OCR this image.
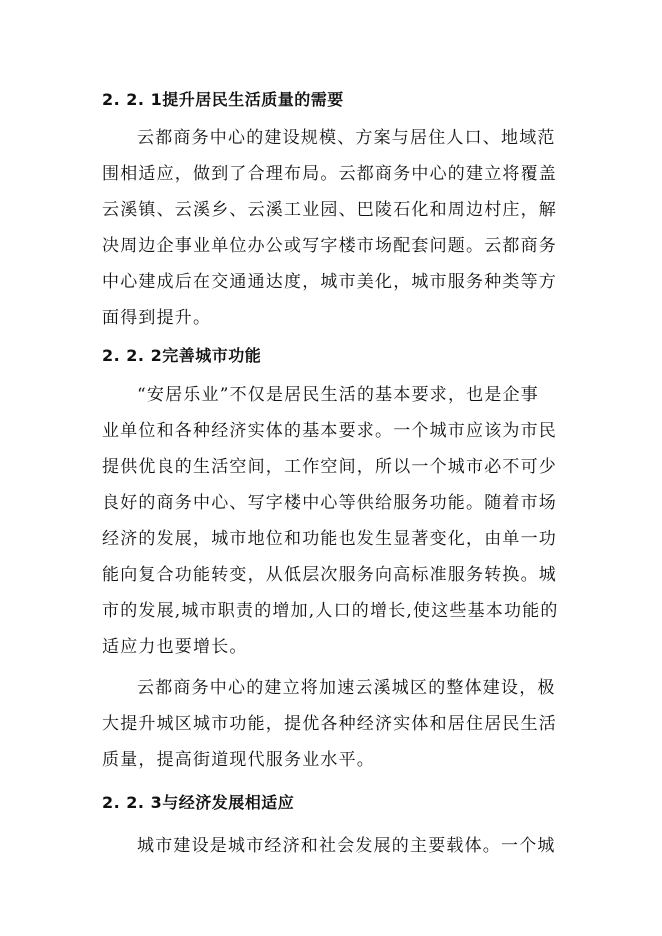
2. 2. 1提升居民生活质量的需要
云都商务中心的建设规模、方案与居住人口、地域范
围相适应，做到了合理布局。云都商务中心的建立将覆盖
云溪镇、云溪乡、云溪工业园、巴陵石化和周边村庄，解
决周边企事业单位办公或写字楼市场配套问题。云都商务
中心建成后在交通通达度，城市美化，城市服务种类等方
面得到提升。
2. 2. 2完善城市功能
“安居乐业”不仅是居民生活的基本要求，也是企事
业单位和各种经济实体的基本要求。一个城市应该为市民
提供优良的生活空间，工作空间，所以一个城市必不可少
良好的商务中心、写字楼中心等供给服务功能。随着市场
经济的发展，城市地位和功能也发生显著变化，由单一功
能向复合功能转变，从低层次服务向高标准服务转换。城
市的发展,城市职责的增加,人口的增长,使这些基本功能的
适应力也要增长。
云都商务中心的建立将加速云溪城区的整体建设，极
大提升城区城市功能，提优各种经济实体和居住居民生活
质量，提高街道现代服务业水平。
2. 2. 3与经济发展相适应
城市建设是城市经济和社会发展的主要载体。一个城
